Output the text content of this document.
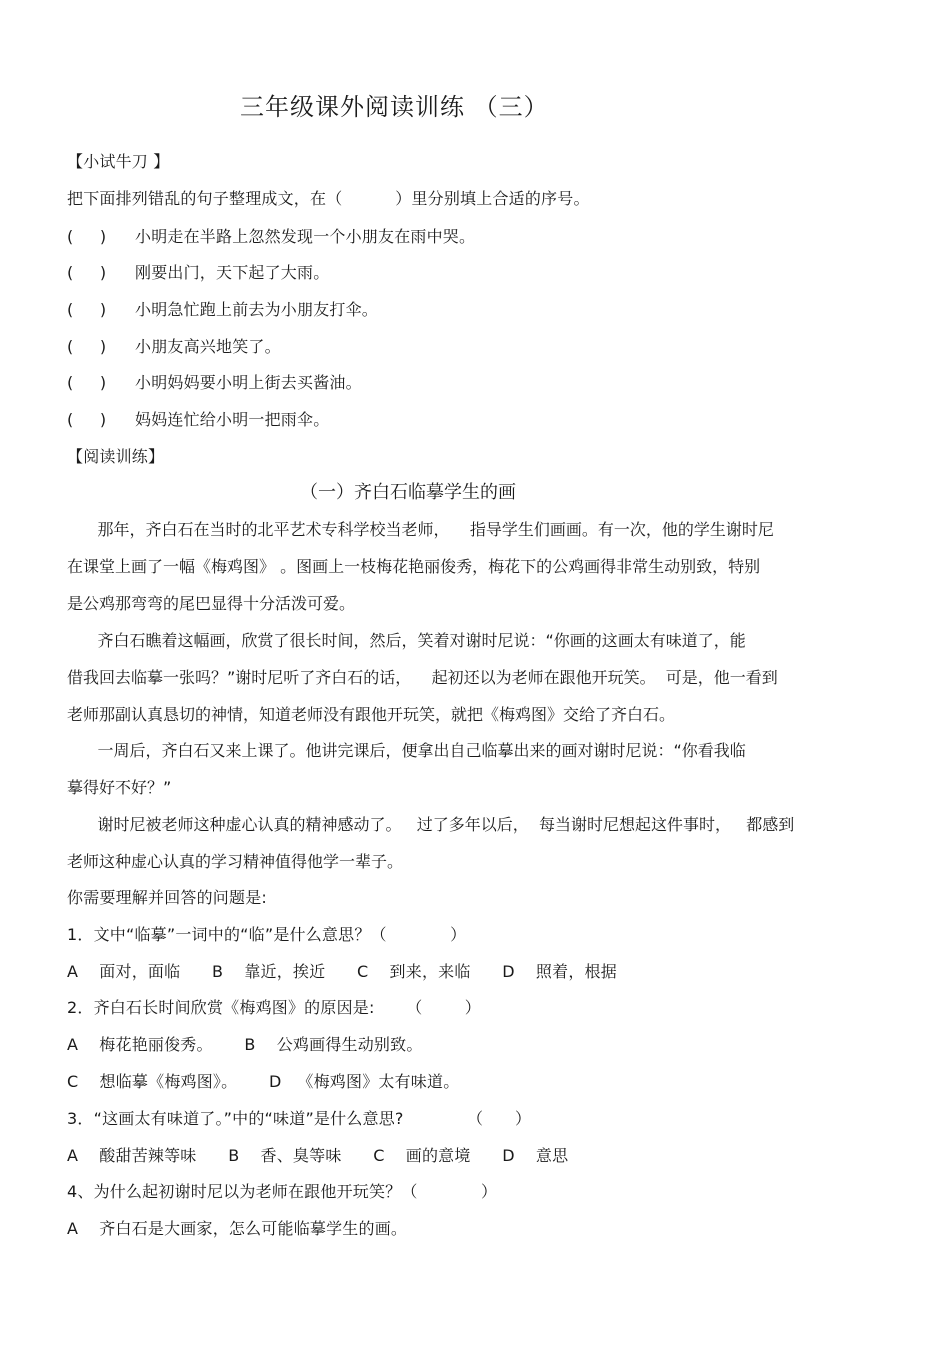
三年级课外阅读训练 （三）
【小试牛刀 】
把下面排列错乱的句子整理成文，在（          ）里分别填上合适的序号。
(     ) 小明走在半路上忽然发现一个小朋友在雨中哭。
(     ) 刚要出门，天下起了大雨。
(     ) 小明急忙跑上前去为小朋友打伞。
(     ) 小朋友高兴地笑了。
(     ) 小明妈妈要小明上街去买酱油。
(     ) 妈妈连忙给小明一把雨伞。
【阅读训练】
（一）齐白石临摹学生的画
那年，齐白石在当时的北平艺术专科学校当老师，    指导学生们画画。有一次，他的学生谢时尼
在课堂上画了一幅《梅鸡图》 。图画上一枝梅花艳丽俊秀，梅花下的公鸡画得非常生动别致，特别
是公鸡那弯弯的尾巴显得十分活泼可爱。
齐白石瞧着这幅画，欣赏了很长时间，然后，笑着对谢时尼说：“你画的这画太有味道了，能
借我回去临摹一张吗？”谢时尼听了齐白石的话，    起初还以为老师在跟他开玩笑。  可是，他一看到
老师那副认真恳切的神情，知道老师没有跟他开玩笑，就把《梅鸡图》交给了齐白石。
一周后，齐白石又来上课了。他讲完课后，便拿出自己临摹出来的画对谢时尼说：“你看我临
摹得好不好？”
谢时尼被老师这种虚心认真的精神感动了。   过了多年以后，  每当谢时尼想起这件事时，   都感到
老师这种虚心认真的学习精神值得他学一辈子。
你需要理解并回答的问题是:
1．文中“临摹”一词中的“临”是什么意思？（            ）
A    面对，面临      B    靠近，挨近      C    到来，来临      D    照着，根据
2．齐白石长时间欣赏《梅鸡图》的原因是:      （        ）
A    梅花艳丽俊秀。      B    公鸡画得生动别致。
C    想临摹《梅鸡图》。      D   《梅鸡图》太有味道。
3．“这画太有味道了。”中的“味道”是什么意思?            （      ）
A    酸甜苦辣等味      B    香、臭等味      C    画的意境      D    意思
4、为什么起初谢时尼以为老师在跟他开玩笑？（            ）
A    齐白石是大画家，怎么可能临摹学生的画。
